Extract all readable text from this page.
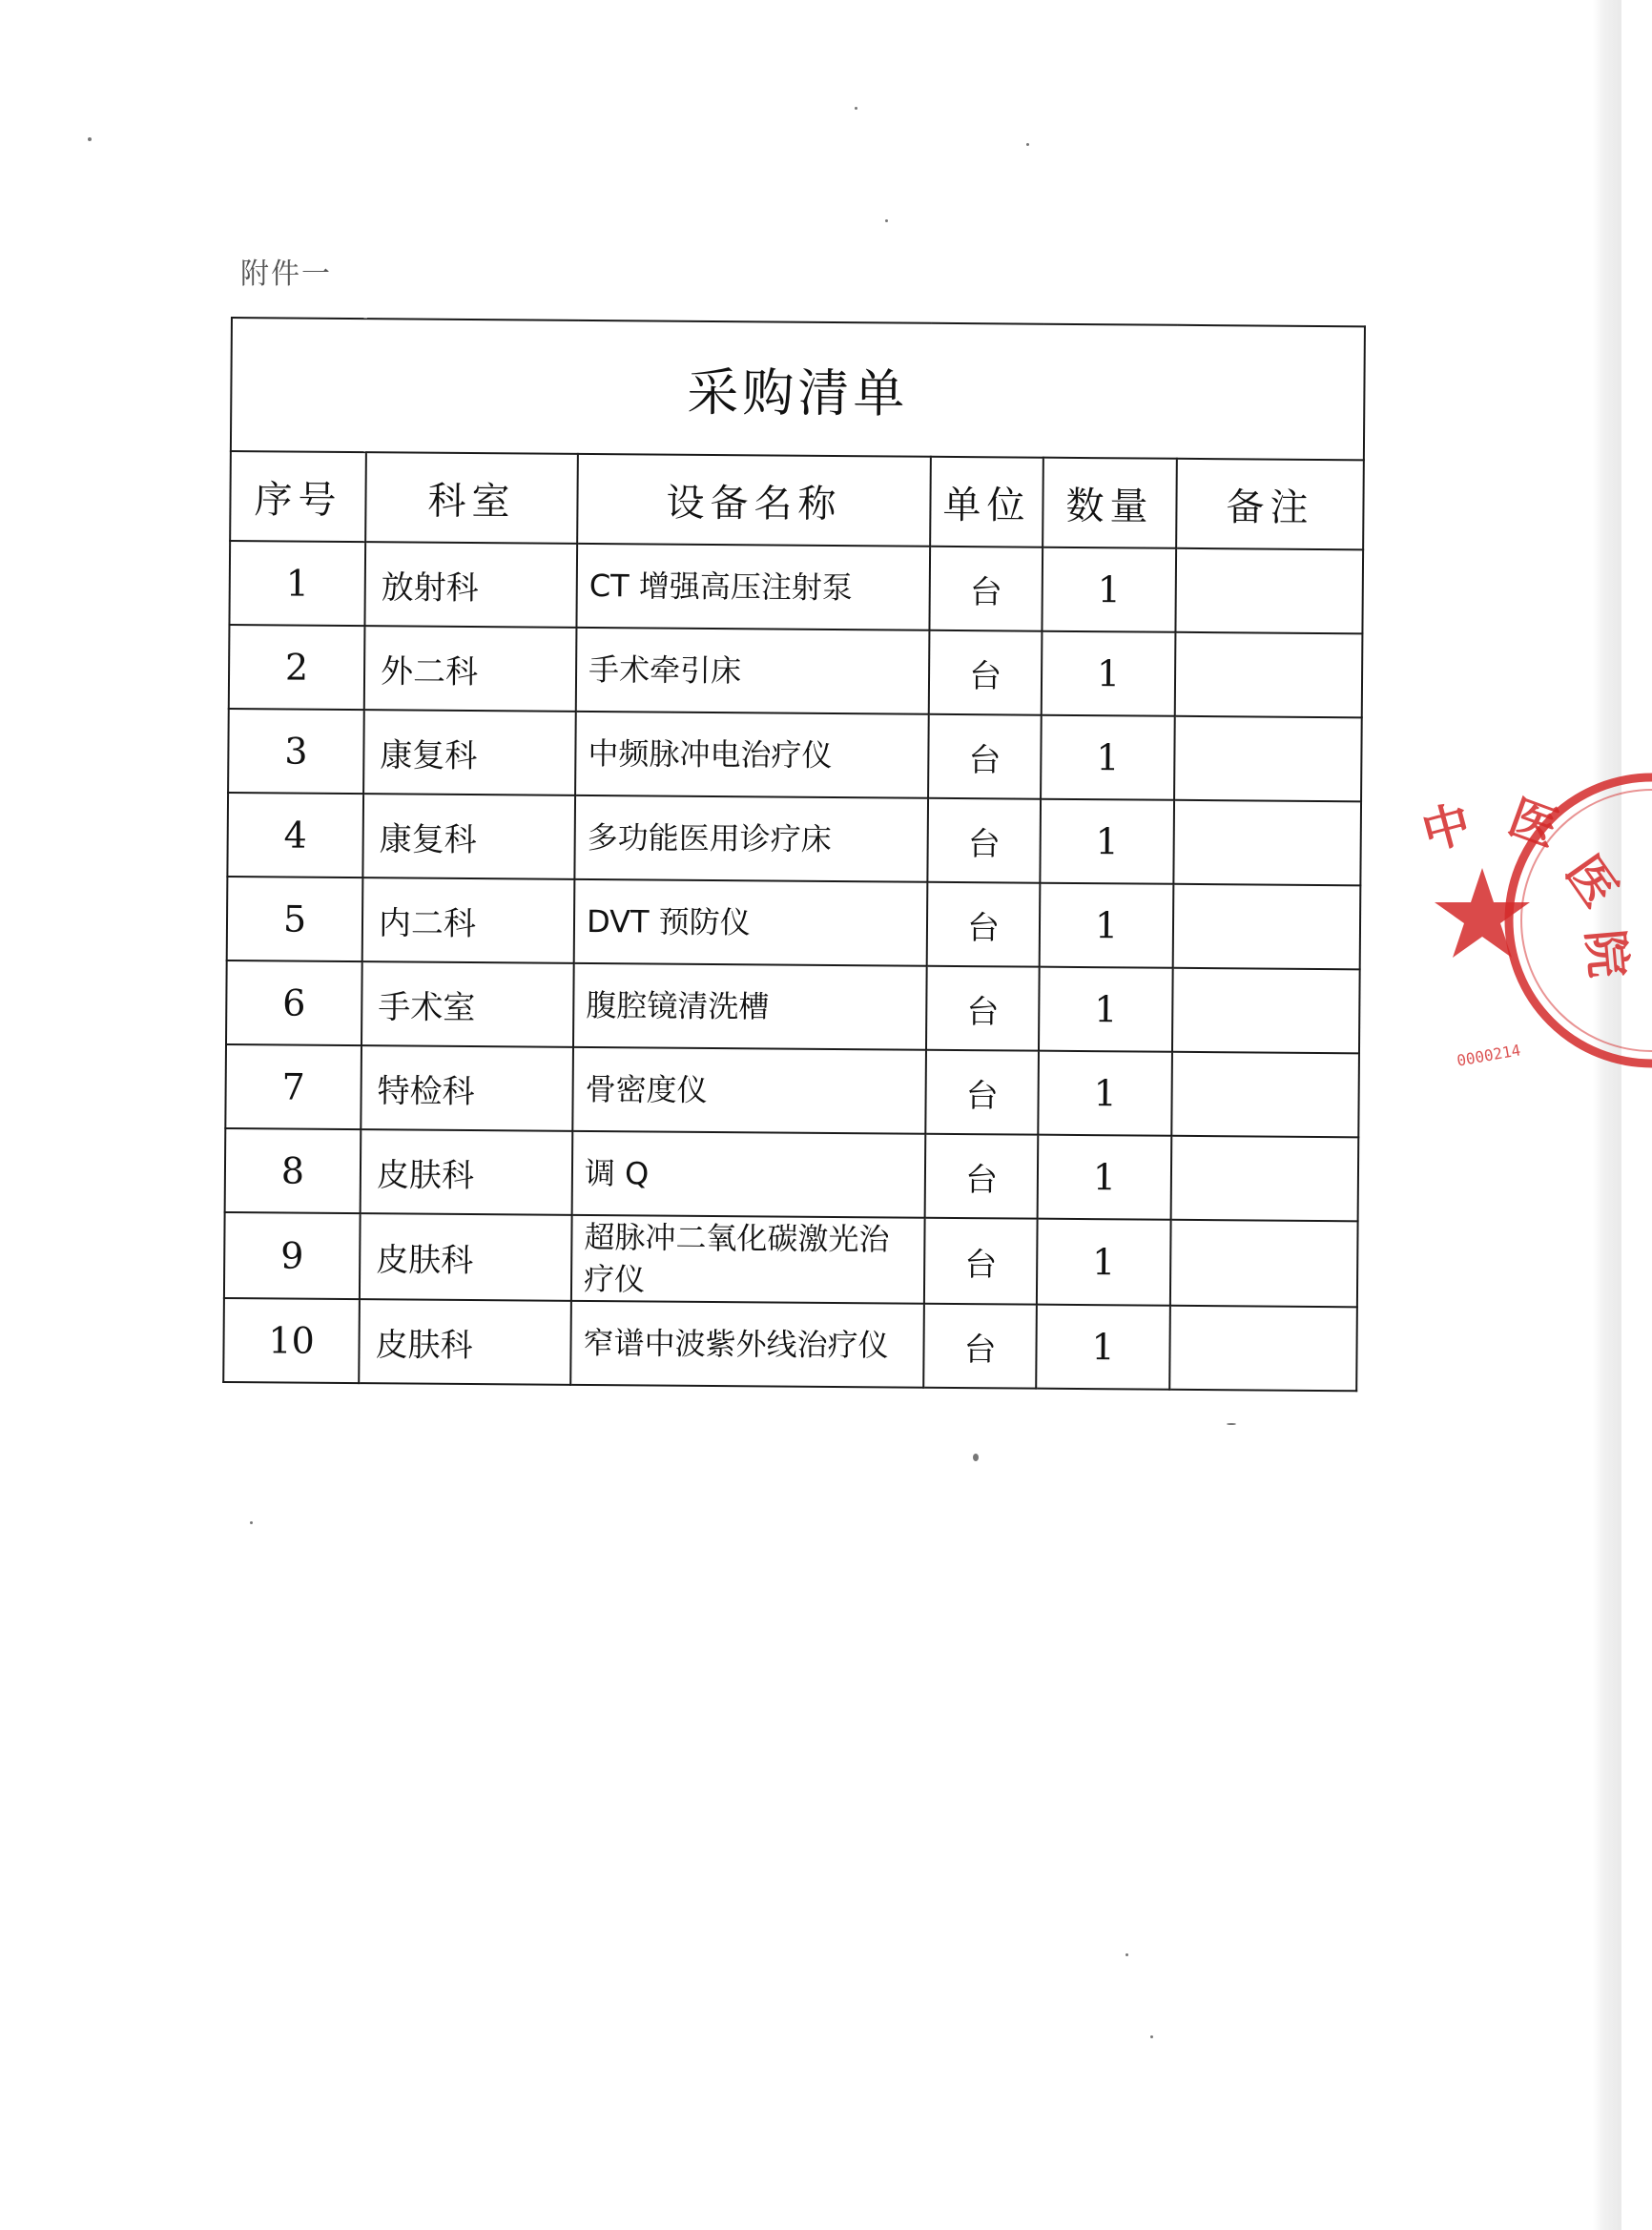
附件一
采购清单					
序号	科室	设备名称	单位	数量	备注
1	放射科	CT 增强高压注射泵	台	1	
2	外二科	手术牵引床	台	1	
3	康复科	中频脉冲电治疗仪	台	1	
4	康复科	多功能医用诊疗床	台	1	
5	内二科	DVT 预防仪	台	1	
6	手术室	腹腔镜清洗槽	台	1	
7	特检科	骨密度仪	台	1	
8	皮肤科	调 Q	台	1	
9	皮肤科	超脉冲二氧化碳激光治疗仪	台	1	
10	皮肤科	窄谱中波紫外线治疗仪	台	1	
中 医
医
院
0000214
